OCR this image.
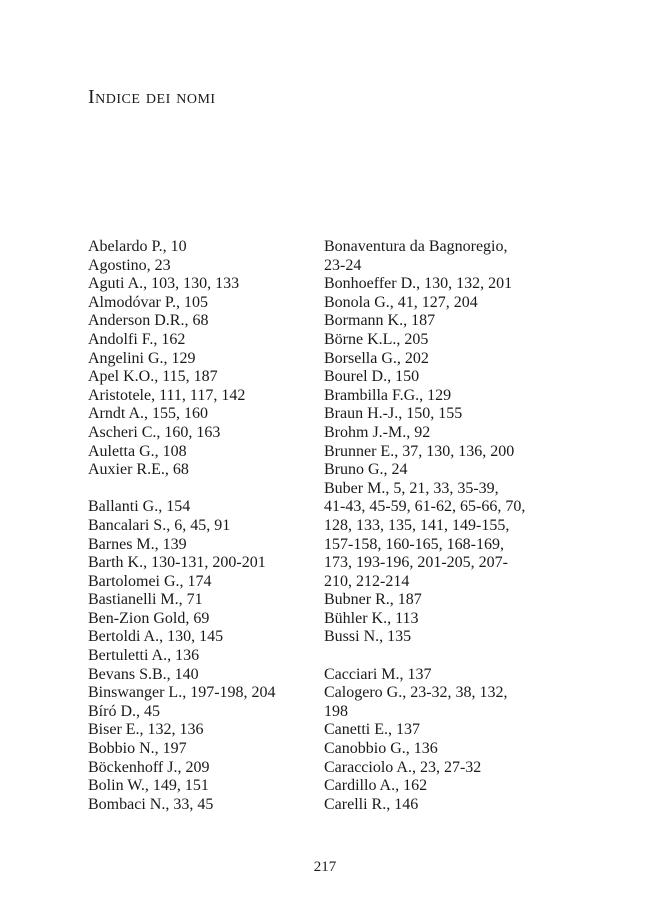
Indice dei nomi
Abelardo P., 10
Agostino, 23
Aguti A., 103, 130, 133
Almodóvar P., 105
Anderson D.R., 68
Andolfi F., 162
Angelini G., 129
Apel K.O., 115, 187
Aristotele, 111, 117, 142
Arndt A., 155, 160
Ascheri C., 160, 163
Auletta G., 108
Auxier R.E., 68
Ballanti G., 154
Bancalari S., 6, 45, 91
Barnes M., 139
Barth K., 130-131, 200-201
Bartolomei G., 174
Bastianelli M., 71
Ben-Zion Gold, 69
Bertoldi A., 130, 145
Bertuletti A., 136
Bevans S.B., 140
Binswanger L., 197-198, 204
Bíró D., 45
Biser E., 132, 136
Bobbio N., 197
Böckenhoff J., 209
Bolin W., 149, 151
Bombaci N., 33, 45
Bonaventura da Bagnoregio,
23-24
Bonhoeffer D., 130, 132, 201
Bonola G., 41, 127, 204
Bormann K., 187
Börne K.L., 205
Borsella G., 202
Bourel D., 150
Brambilla F.G., 129
Braun H.-J., 150, 155
Brohm J.-M., 92
Brunner E., 37, 130, 136, 200
Bruno G., 24
Buber M., 5, 21, 33, 35-39,
41-43, 45-59, 61-62, 65-66, 70,
128, 133, 135, 141, 149-155,
157-158, 160-165, 168-169,
173, 193-196, 201-205, 207-
210, 212-214
Bubner R., 187
Bühler K., 113
Bussi N., 135
Cacciari M., 137
Calogero G., 23-32, 38, 132,
198
Canetti E., 137
Canobbio G., 136
Caracciolo A., 23, 27-32
Cardillo A., 162
Carelli R., 146
217
